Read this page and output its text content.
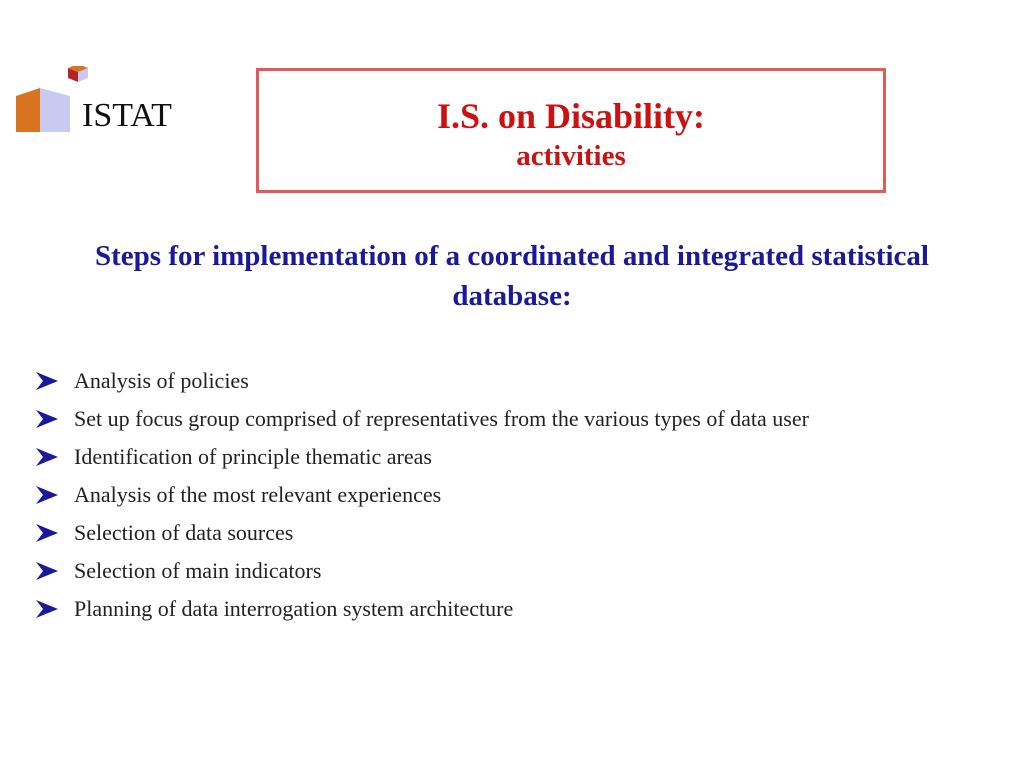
ISTAT	I.S. on Disability:
activities
Steps for implementation of a coordinated and integrated statistical database:
Analysis of policies
Set up focus group comprised of representatives from the various types of data user
Identification of principle thematic areas
Analysis of the most relevant experiences
Selection of data sources
Selection of main indicators
Planning of data interrogation system architecture
